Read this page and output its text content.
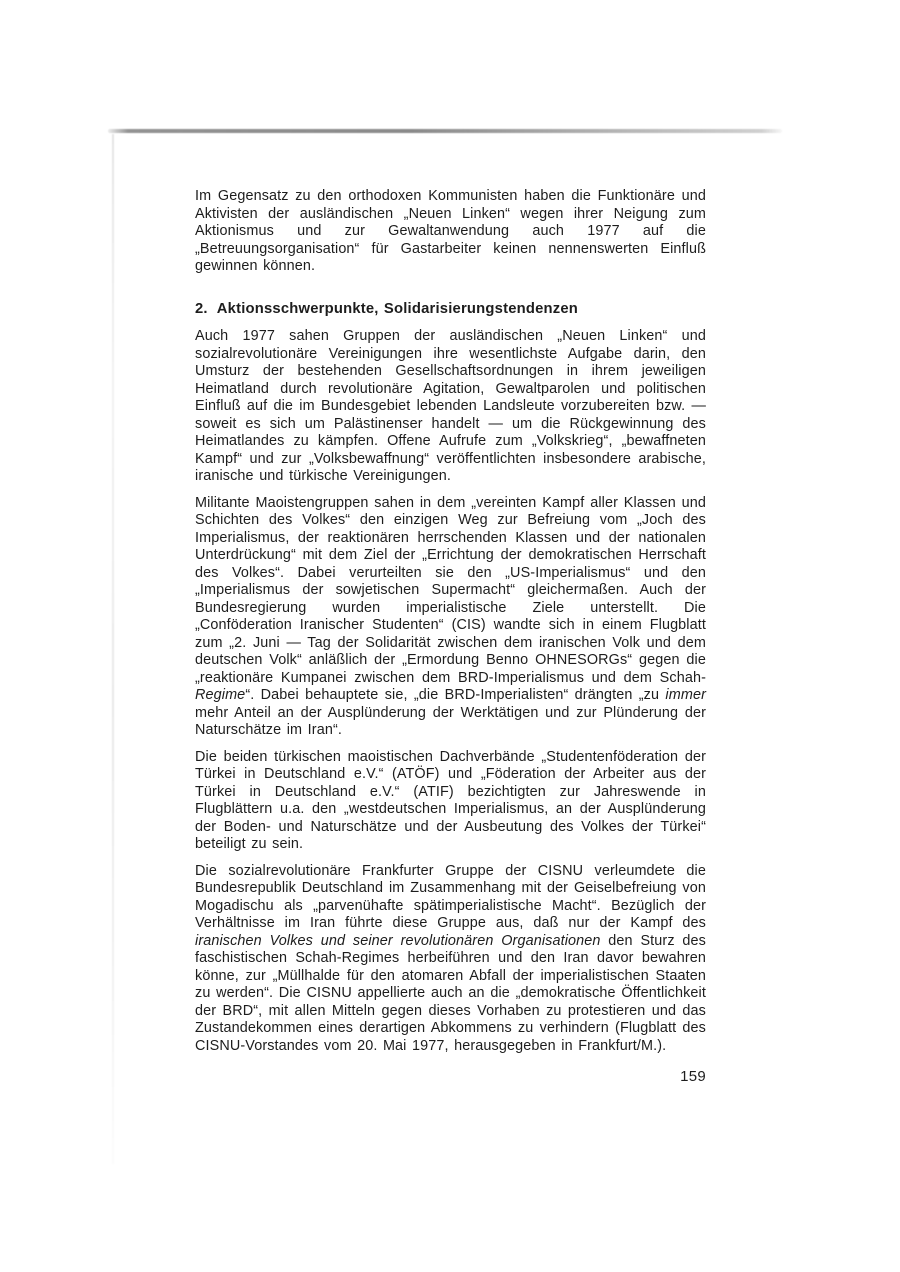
Im Gegensatz zu den orthodoxen Kommunisten haben die Funktionäre und Aktivisten der ausländischen „Neuen Linken“ wegen ihrer Neigung zum Aktionismus und zur Gewaltanwendung auch 1977 auf die „Betreuungsorganisation“ für Gastarbeiter keinen nennenswerten Einfluß gewinnen können.

2. Aktionsschwerpunkte, Solidarisierungstendenzen

Auch 1977 sahen Gruppen der ausländischen „Neuen Linken“ und sozialrevolutionäre Vereinigungen ihre wesentlichste Aufgabe darin, den Umsturz der bestehenden Gesellschaftsordnungen in ihrem jeweiligen Heimatland durch revolutionäre Agitation, Gewaltparolen und politischen Einfluß auf die im Bundesgebiet lebenden Landsleute vorzubereiten bzw. — soweit es sich um Palästinenser handelt — um die Rückgewinnung des Heimatlandes zu kämpfen. Offene Aufrufe zum „Volkskrieg“, „bewaffneten Kampf“ und zur „Volksbewaffnung“ veröffentlichten insbesondere arabische, iranische und türkische Vereinigungen.

Militante Maoistengruppen sahen in dem „vereinten Kampf aller Klassen und Schichten des Volkes“ den einzigen Weg zur Befreiung vom „Joch des Imperialismus, der reaktionären herrschenden Klassen und der nationalen Unterdrückung“ mit dem Ziel der „Errichtung der demokratischen Herrschaft des Volkes“. Dabei verurteilten sie den „US-Imperialismus“ und den „Imperialismus der sowjetischen Supermacht“ gleichermaßen. Auch der Bundesregierung wurden imperialistische Ziele unterstellt. Die „Conföderation Iranischer Studenten“ (CIS) wandte sich in einem Flugblatt zum „2. Juni — Tag der Solidarität zwischen dem iranischen Volk und dem deutschen Volk“ anläßlich der „Ermordung Benno OHNESORGs“ gegen die „reaktionäre Kumpanei zwischen dem BRD-Imperialismus und dem Schah-Regime“. Dabei behauptete sie, „die BRD-Imperialisten“ drängten „zu immer mehr Anteil an der Ausplünderung der Werktätigen und zur Plünderung der Naturschätze im Iran“.

Die beiden türkischen maoistischen Dachverbände „Studentenföderation der Türkei in Deutschland e.V.“ (ATÖF) und „Föderation der Arbeiter aus der Türkei in Deutschland e.V.“ (ATIF) bezichtigten zur Jahreswende in Flugblättern u.a. den „westdeutschen Imperialismus, an der Ausplünderung der Boden- und Naturschätze und der Ausbeutung des Volkes der Türkei“ beteiligt zu sein.

Die sozialrevolutionäre Frankfurter Gruppe der CISNU verleumdete die Bundesrepublik Deutschland im Zusammenhang mit der Geiselbefreiung von Mogadischu als „parvenühafte spätimperialistische Macht“. Bezüglich der Verhältnisse im Iran führte diese Gruppe aus, daß nur der Kampf des iranischen Volkes und seiner revolutionären Organisationen den Sturz des faschistischen Schah-Regimes herbeiführen und den Iran davor bewahren könne, zur „Müllhalde für den atomaren Abfall der imperialistischen Staaten zu werden“. Die CISNU appellierte auch an die „demokratische Öffentlichkeit der BRD“, mit allen Mitteln gegen dieses Vorhaben zu protestieren und das Zustandekommen eines derartigen Abkommens zu verhindern (Flugblatt des CISNU-Vorstandes vom 20. Mai 1977, herausgegeben in Frankfurt/M.).

159
